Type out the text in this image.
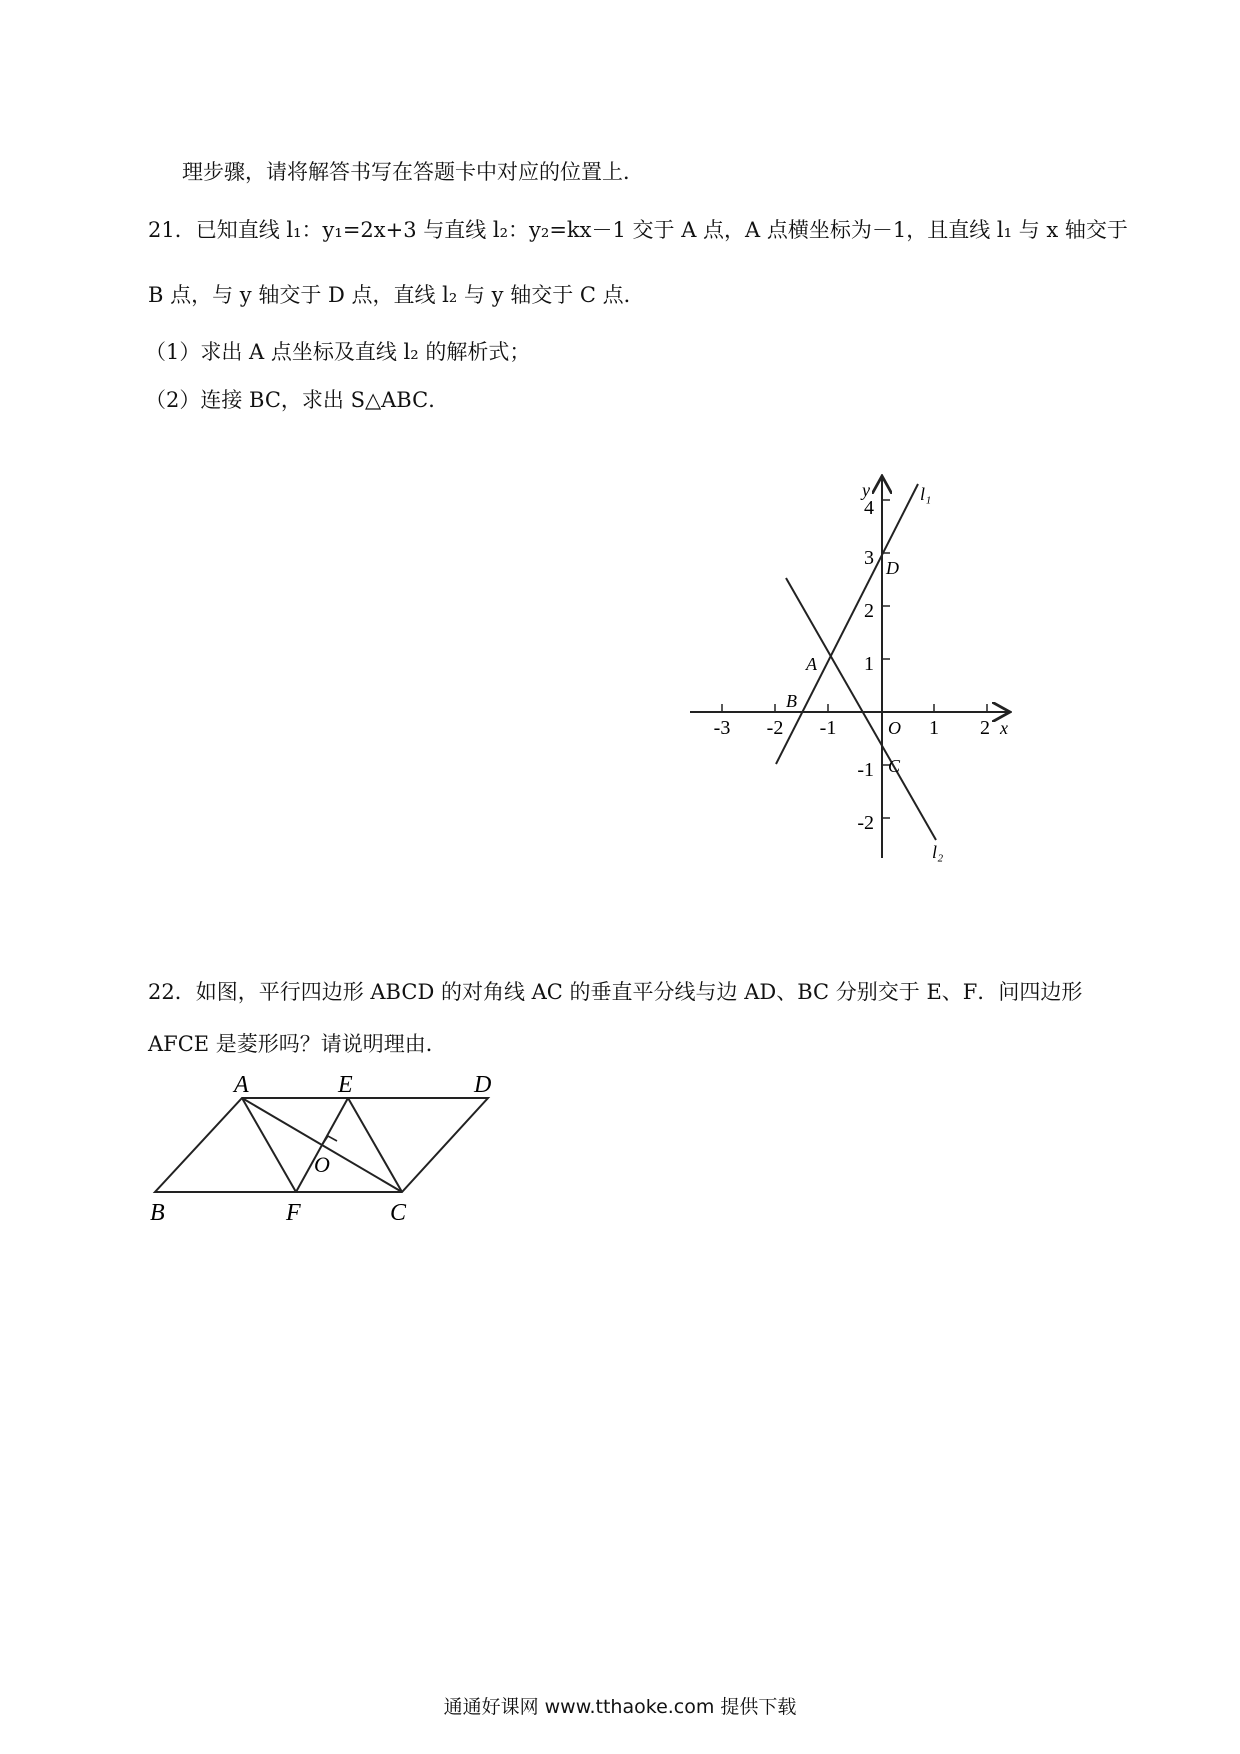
理步骤，请将解答书写在答题卡中对应的位置上．
21．已知直线 l₁：y₁=2x+3 与直线 l₂：y₂=kx－1 交于 A 点，A 点横坐标为－1，且直线 l₁ 与 x 轴交于
B 点，与 y 轴交于 D 点，直线 l₂ 与 y 轴交于 C 点．
（1）求出 A 点坐标及直线 l₂ 的解析式；
（2）连接 BC，求出 S△ABC．
-3 -2 -1	1 2 x
y
4
3
2
1
-1
-2
O
A
B
C
D
l₁
l₂
22．如图，平行四边形 ABCD 的对角线 AC 的垂直平分线与边 AD、BC 分别交于 E、F．问四边形
AFCE 是菱形吗？请说明理由．
A	E	D
B	F	C
O
通通好课网 www.tthaoke.com 提供下载
